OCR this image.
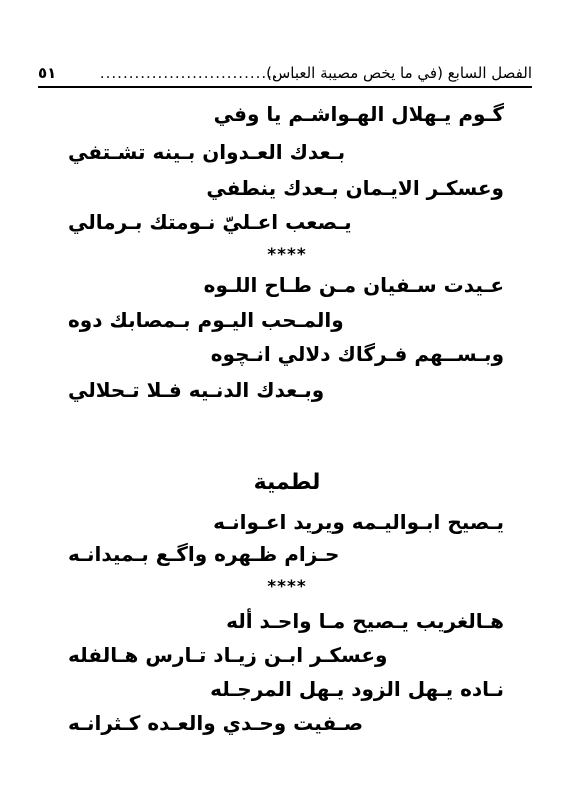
الفصل السابع (في ما يخص مصيبة العباس)
..................................
٥١
گـوم يـهلال الهـواشـم يا وفي
بـعدك العـدوان بـينه تشـتفي
وعسكـر الايـمان بـعدك ينطفي
يـصعب اعـليّ نـومتك بـرمالي
****
عـيدت سـفيان مـن طـاح اللـوه
والمـحب اليـوم بـمصابك دوه
وبـســهم فـرگاك دلالي انـچوه
وبـعدك الدنـيه فـلا تـحلالي
لطمية
يـصيح ابـواليـمه ويريد اعـوانـه
حـزام ظـهره واگـع بـميدانـه
****
هـالغريب يـصيح مـا واحـد أله
وعسكـر ابـن زيـاد تـارس هـالفله
نـاده يـهل الزود يـهل المرجـله
صـفيت وحـدي والعـده كـثرانـه
